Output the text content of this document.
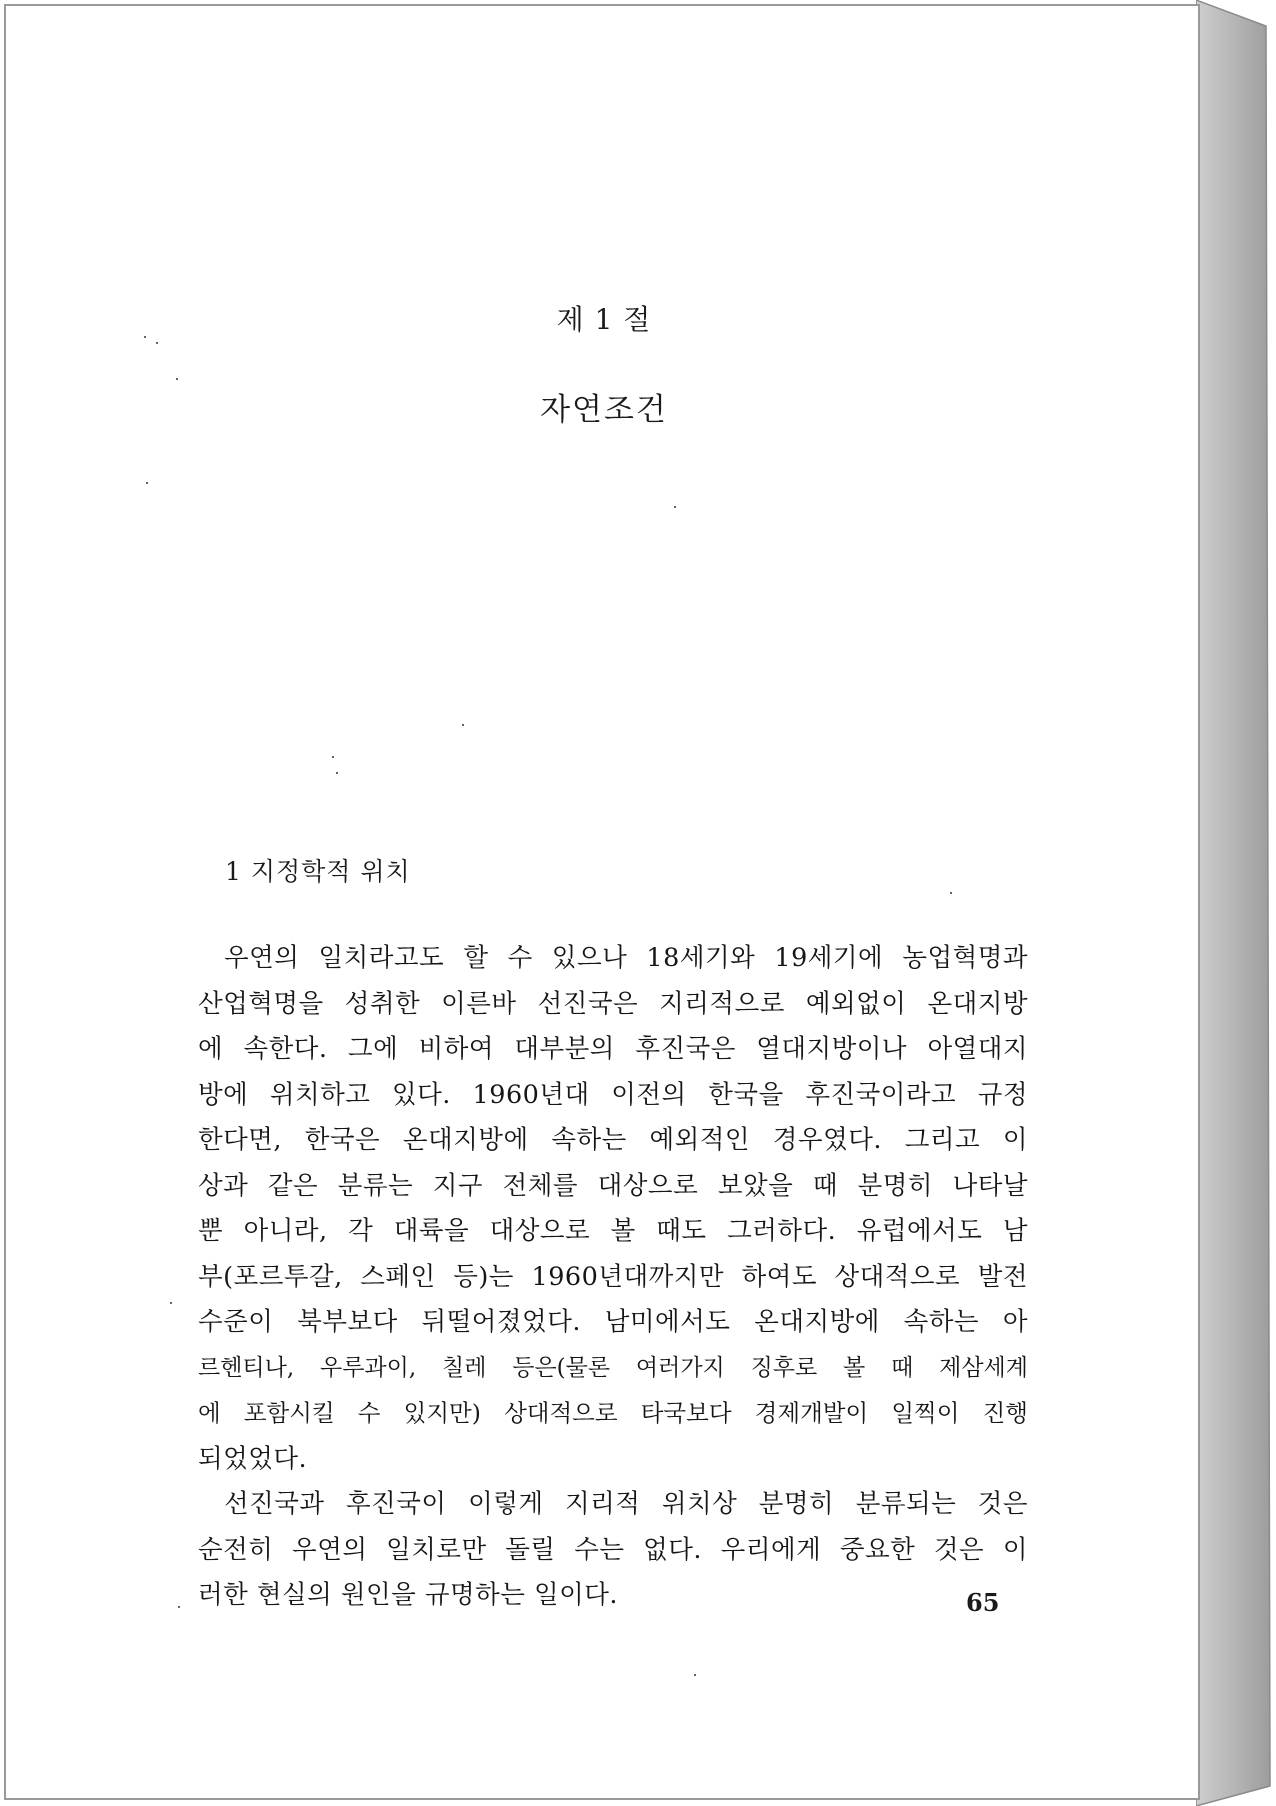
제 1 절
자연조건
1 지정학적 위치
우연의 일치라고도 할 수 있으나 18세기와 19세기에 농업혁명과
산업혁명을 성취한 이른바 선진국은 지리적으로 예외없이 온대지방
에 속한다. 그에 비하여 대부분의 후진국은 열대지방이나 아열대지
방에 위치하고 있다. 1960년대 이전의 한국을 후진국이라고 규정
한다면, 한국은 온대지방에 속하는 예외적인 경우였다. 그리고 이
상과 같은 분류는 지구 전체를 대상으로 보았을 때 분명히 나타날
뿐 아니라, 각 대륙을 대상으로 볼 때도 그러하다. 유럽에서도 남
부(포르투갈, 스페인 등)는 1960년대까지만 하여도 상대적으로 발전
수준이 북부보다 뒤떨어졌었다. 남미에서도 온대지방에 속하는 아
르헨티나, 우루과이, 칠레 등은(물론 여러가지 징후로 볼 때 제삼세계
에 포함시킬 수 있지만) 상대적으로 타국보다 경제개발이 일찍이 진행
되었었다.
선진국과 후진국이 이렇게 지리적 위치상 분명히 분류되는 것은
순전히 우연의 일치로만 돌릴 수는 없다. 우리에게 중요한 것은 이
러한 현실의 원인을 규명하는 일이다.	65
